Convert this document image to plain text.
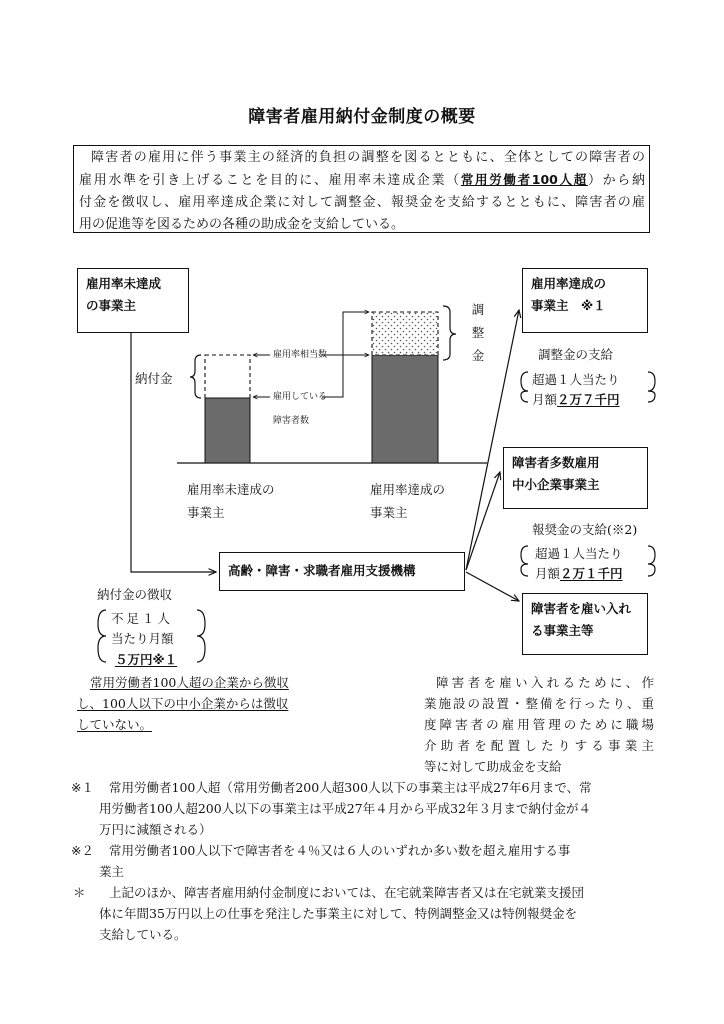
障害者雇用納付金制度の概要
障害者の雇用に伴う事業主の経済的負担の調整を図るとともに、全体としての障害者の
雇用水準を引き上げることを目的に、雇用率未達成企業（常用労働者100人超）から納
付金を徴収し、雇用率達成企業に対して調整金、報奨金を支給するとともに、障害者の雇
用の促進等を図るための各種の助成金を支給している。
雇用率未達成
の事業主
納付金
雇用率相当数
雇用している
障害者数
調整金
雇用率未達成の
事業主
雇用率達成の
事業主
雇用率達成の
事業主　※１
調整金の支給
超過１人当たり
月額２万７千円
障害者多数雇用
中小企業事業主
報奨金の支給(※2)
超過１人当たり
月額２万１千円
高齢・障害・求職者雇用支援機構
障害者を雇い入れ
る事業主等
納付金の徴収
不足１人
当たり月額
５万円※１
常用労働者100人超の企業から徴収
し、100人以下の中小企業からは徴収
していない。
障害者を雇い入れるために、作
業施設の設置・整備を行ったり、重
度障害者の雇用管理のために職場
介助者を配置したりする事業主
等に対して助成金を支給
※１	常用労働者100人超（常用労働者200人超300人以下の事業主は平成27年6月まで、常
用労働者100人超200人以下の事業主は平成27年４月から平成32年３月まで納付金が４
万円に減額される）
※２	常用労働者100人以下で障害者を４％又は６人のいずれか多い数を超え雇用する事
業主
＊	上記のほか、障害者雇用納付金制度においては、在宅就業障害者又は在宅就業支援団
体に年間35万円以上の仕事を発注した事業主に対して、特例調整金又は特例報奨金を
支給している。
